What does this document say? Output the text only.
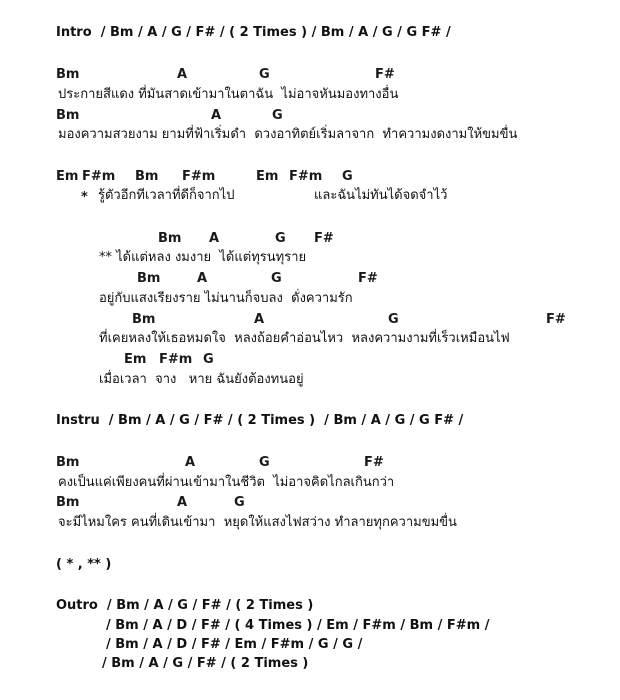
Intro  / Bm / A / G / F# / ( 2 Times ) / Bm / A / G / G F# /
Bm	A	G	F#
ประกายสีแดง ที่มันสาดเข้ามาในตาฉัน  ไม่อาจหันมองทางอื่น
Bm	A	G
มองความสวยงาม ยามที่ฟ้าเริ่มดำ  ดวงอาทิตย์เริ่มลาจาก  ทำความงดงามให้ขมขื่น
Em F#m Bm F#m	Em F#m G
* รู้ตัวอีกทีเวลาที่ดีก็จากไป	และฉันไม่ทันได้จดจำไว้
Bm A	G F#
** ได้แต่หลง งมงาย  ได้แต่ทุรนทุราย
Bm	A	G	F#
อยู่กับแสงเรียงราย ไม่นานก็จบลง  ดั่งความรัก
Bm	A	G	F#
ที่เคยหลงให้เธอหมดใจ  หลงถ้อยคำอ่อนไหว  หลงความงามที่เร็วเหมือนไฟ
Em F#m G
เมื่อเวลา  จาง   หาย ฉันยังต้องทนอยู่
Instru  / Bm / A / G / F# / ( 2 Times )  / Bm / A / G / G F# /
Bm	A	G	F#
คงเป็นแค่เพียงคนที่ผ่านเข้ามาในชีวิต  ไม่อาจคิดไกลเกินกว่า
Bm	A	G
จะมีไหมใคร คนที่เดินเข้ามา  หยุดให้แสงไฟสว่าง ทำลายทุกความขมขื่น
( * , ** )
Outro  / Bm / A / G / F# / ( 2 Times )
/ Bm / A / D / F# / ( 4 Times ) / Em / F#m / Bm / F#m /
/ Bm / A / D / F# / Em / F#m / G / G /
/ Bm / A / G / F# / ( 2 Times )
